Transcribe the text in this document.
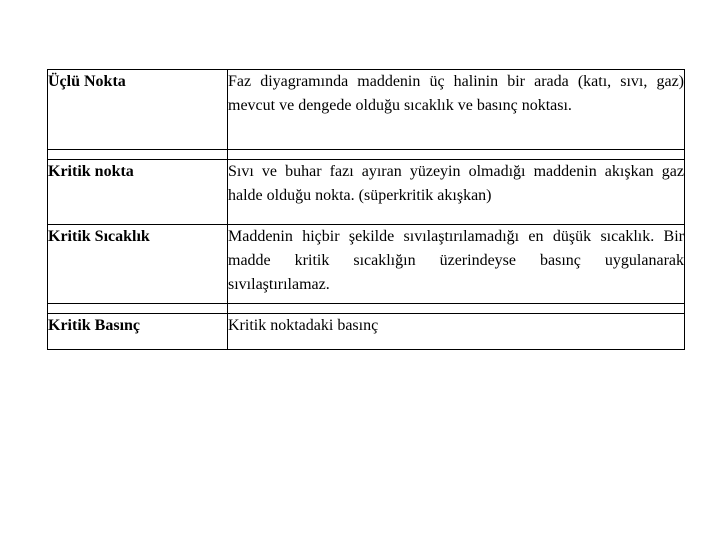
Üçlü Nokta	Faz diyagramında maddenin üç halinin bir arada (katı, sıvı, gaz) mevcut ve dengede olduğu sıcaklık ve basınç noktası.

Kritik nokta	Sıvı ve buhar fazı ayıran yüzeyin olmadığı maddenin akışkan gaz halde olduğu nokta. (süperkritik akışkan)
Kritik Sıcaklık	Maddenin hiçbir şekilde sıvılaştırılamadığı en düşük sıcaklık. Bir madde kritik sıcaklığın üzerindeyse basınç uygulanarak sıvılaştırılamaz.

Kritik Basınç	Kritik noktadaki basınç
